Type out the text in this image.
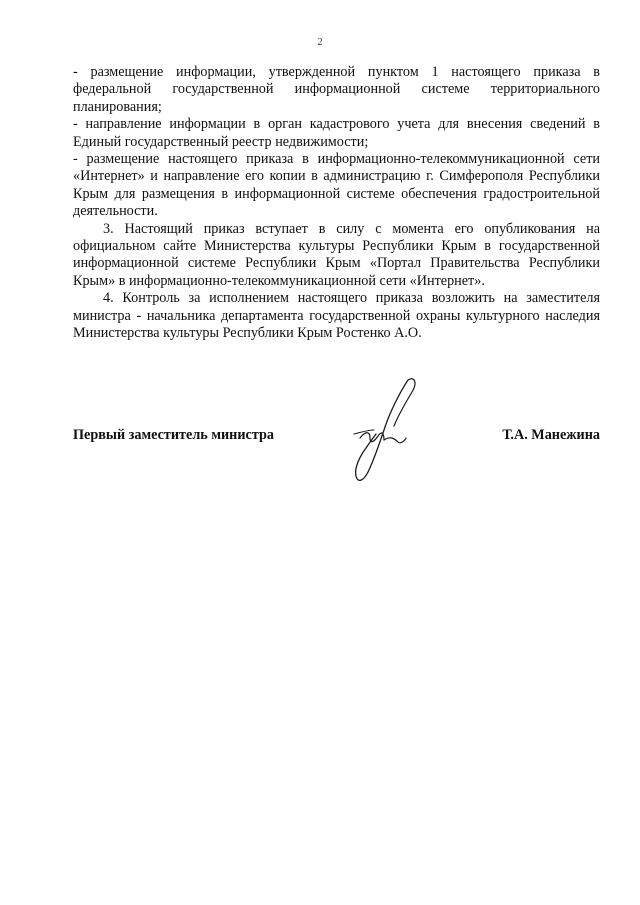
2

- размещение информации, утвержденной пунктом 1 настоящего приказа в федеральной государственной информационной системе территориального планирования;

- направление информации в орган кадастрового учета для внесения сведений в Единый государственный реестр недвижимости;

- размещение настоящего приказа в информационно-телекоммуникационной сети «Интернет» и направление его копии в администрацию г. Симферополя Республики Крым для размещения в информационной системе обеспечения градостроительной деятельности.

3. Настоящий приказ вступает в силу с момента его опубликования на официальном сайте Министерства культуры Республики Крым в государственной информационной системе Республики Крым «Портал Правительства Республики Крым» в информационно-телекоммуникационной сети «Интернет».

4. Контроль за исполнением настоящего приказа возложить на заместителя министра - начальника департамента государственной охраны культурного наследия Министерства культуры Республики Крым Ростенко А.О.

Первый заместитель министра	Т.А. Манежина
